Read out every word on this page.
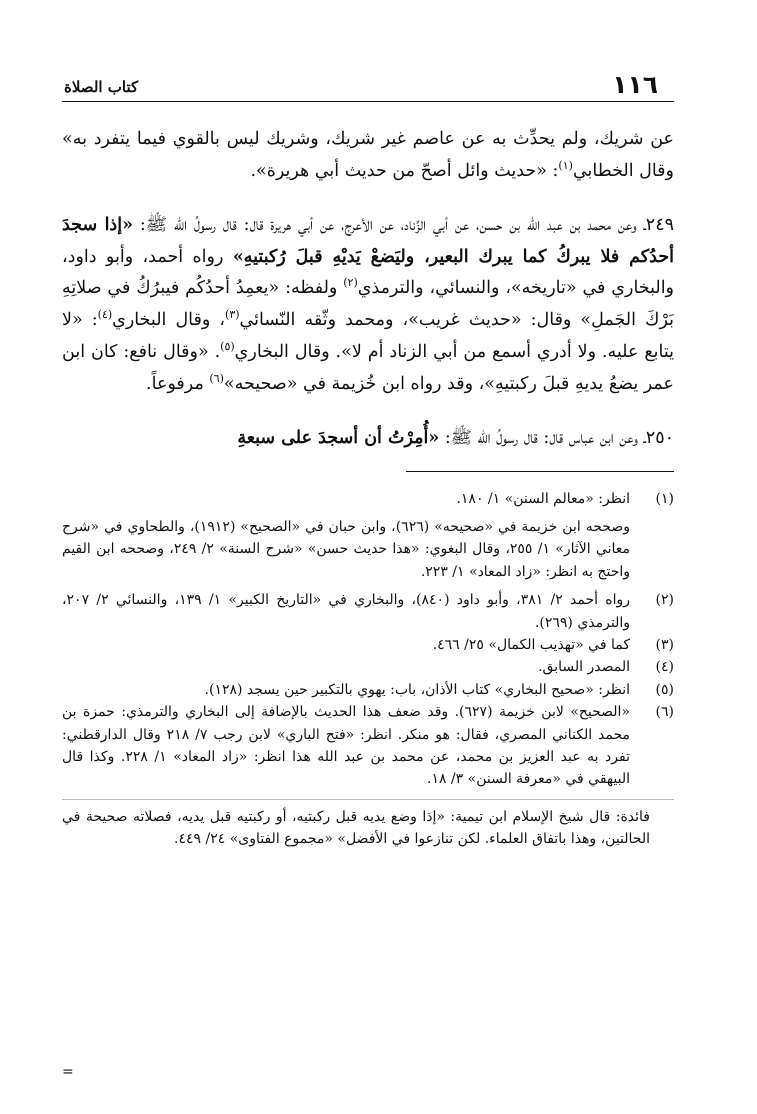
١١٦
كتاب الصلاة

عن شريك، ولم يحدِّث به عن عاصم غير شريك، وشريك ليس بالقوي فيما يتفرد به» وقال الخطابي$^{(١)}$: «حديث وائل أصحّ من حديث أبي هريرة».

٢٤٩ـ وعن محمد بن عبد الله بن حسن، عن أبي الزِّناد، عن الأعرج، عن أبي هريرة قال: قال رسولُ الله ﷺ: «إذا سجدَ أحدُكم فلا يبركُ كما يبرك البعير، وليَضعْ يَديْهِ قبلَ رُكبتيهِ» رواه أحمد، وأبو داود، والبخاري في «تاريخه»، والنسائي، والترمذي$^{(٢)}$ ولفظه: «يعمِدُ أحدُكُم فيبرُكُ في صلاتِهِ بَرْكَ الجَملِ» وقال: «حديث غريب»، ومحمد وثّقه النّسائي$^{(٣)}$، وقال البخاري$^{(٤)}$: «لا يتابع عليه. ولا أدري أسمع من أبي الزناد أم لا». وقال البخاري$^{(٥)}$. «وقال نافع: كان ابن عمر يضعُ يديهِ قبلَ ركبتيهِ»، وقد رواه ابن خُزيمة في «صحيحه»$^{(٦)}$ مرفوعاً.

٢٥٠ـ وعن ابن عباس قال: قال رسولُ الله ﷺ: «أُمِرْتُ أن أسجدَ على سبعةِ

(١)
انظر: «معالم السنن» ١/ ١٨٠.
وصححه ابن خزيمة في «صحيحه» (٦٢٦)، وابن حبان في «الصحيح» (١٩١٢)، والطحاوي في «شرح معاني الآثار» ١/ ٢٥٥، وقال البغوي: «هذا حديث حسن» «شرح السنة» ٢/ ٢٤٩، وصححه ابن القيم واحتج به انظر: «زاد المعاد» ١/ ٢٢٣.
(٢)
رواه أحمد ٢/ ٣٨١، وأبو داود (٨٤٠)، والبخاري في «التاريخ الكبير» ١/ ١٣٩، والنسائي ٢/ ٢٠٧، والترمذي (٢٦٩).
(٣)
كما في «تهذيب الكمال» ٢٥/ ٤٦٦.
(٤)
المصدر السابق.
(٥)
انظر: «صحيح البخاري» كتاب الأذان، باب: يهوي بالتكبير حين يسجد (١٢٨).
(٦)
«الصحيح» لابن خزيمة (٦٢٧). وقد ضعف هذا الحديث بالإضافة إلى البخاري والترمذي: حمزة بن محمد الكناني المصري، فقال: هو منكر. انظر: «فتح الباري» لابن رجب ٧/ ٢١٨ وقال الدارقطني: تفرد به عبد العزيز بن محمد، عن محمد بن عبد الله هذا انظر: «زاد المعاد» ١/ ٢٢٨. وكذا قال البيهقي في «معرفة السنن» ٣/ ١٨.
فائدة: قال شيخ الإسلام ابن تيمية: «إذا وضع يديه قبل ركبتيه، أو ركبتيه قبل يديه، فصلاته صحيحة في الحالتين، وهذا باتفاق العلماء. لكن تنازعوا في الأفضل» «مجموع الفتاوى» ٢٤/ ٤٤٩.
=
